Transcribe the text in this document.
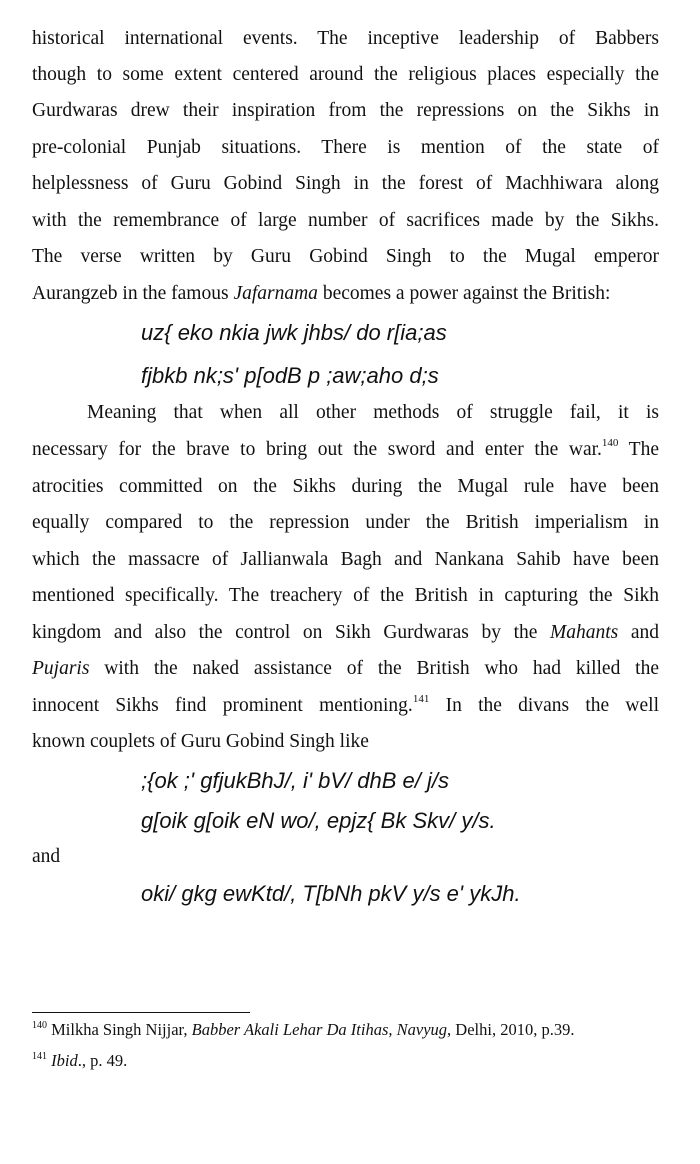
historical international events. The inceptive leadership of Babbers
though to some extent centered around the religious places especially the
Gurdwaras drew their inspiration from the repressions on the Sikhs in
pre-colonial Punjab situations. There is mention of the state of
helplessness of Guru Gobind Singh in the forest of Machhiwara along
with the remembrance of large number of sacrifices made by the Sikhs.
The verse written by Guru Gobind Singh to the Mugal emperor
Aurangzeb in the famous Jafarnama becomes a power against the British:
uz{ eko nkia jwk jhbs/ do r[ia;as
fjbkb nk;s' p[odB p ;aw;aho d;s
Meaning that when all other methods of struggle fail, it is
necessary for the brave to bring out the sword and enter the war.$^{140}$ The
atrocities committed on the Sikhs during the Mugal rule have been
equally compared to the repression under the British imperialism in
which the massacre of Jallianwala Bagh and Nankana Sahib have been
mentioned specifically. The treachery of the British in capturing the Sikh
kingdom and also the control on Sikh Gurdwaras by the Mahants and
Pujaris with the naked assistance of the British who had killed the
innocent Sikhs find prominent mentioning.$^{141}$ In the divans the well
known couplets of Guru Gobind Singh like
;{ok ;' gfjukBhJ/, i' bV/ dhB e/ j/s
g[oik g[oik eN wo/, epjz{ Bk Skv/ y/s.
and
oki/ gkg ewKtd/, T[bNh pkV y/s e' ykJh.
$^{140}$ Milkha Singh Nijjar, Babber Akali Lehar Da Itihas, Navyug, Delhi, 2010, p.39.
$^{141}$ Ibid., p. 49.
